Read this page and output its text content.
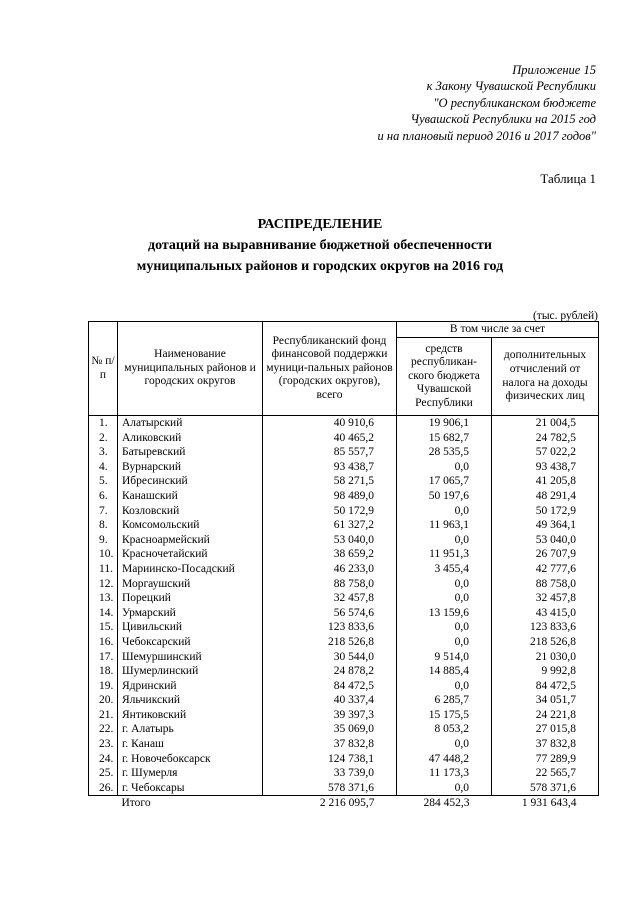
Приложение 15
к Закону Чувашской Республики
"О республиканском бюджете
Чувашской Республики на 2015 год
и на плановый период 2016 и 2017 годов"
Таблица 1
РАСПРЕДЕЛЕНИЕ
дотаций на выравнивание бюджетной обеспеченности
муниципальных районов и городских округов на 2016 год
(тыс. рублей)
№ п/п	Наименование муниципальных районов и городских округов	Республиканский фонд финансовой поддержки муници-пальных районов (городских округов), всего	В том числе за счет	
			средств республикан-ского бюджета Чувашской Республики	дополнительных отчислений от налога на доходы физических лиц
1.	Алатырский	40 910,6	19 906,1	21 004,5
2.	Аликовский	40 465,2	15 682,7	24 782,5
3.	Батыревский	85 557,7	28 535,5	57 022,2
4.	Вурнарский	93 438,7	0,0	93 438,7
5.	Ибресинский	58 271,5	17 065,7	41 205,8
6.	Канашский	98 489,0	50 197,6	48 291,4
7.	Козловский	50 172,9	0,0	50 172,9
8.	Комсомольский	61 327,2	11 963,1	49 364,1
9.	Красноармейский	53 040,0	0,0	53 040,0
10.	Красночетайский	38 659,2	11 951,3	26 707,9
11.	Мариинско-Посадский	46 233,0	3 455,4	42 777,6
12.	Моргаушский	88 758,0	0,0	88 758,0
13.	Порецкий	32 457,8	0,0	32 457,8
14.	Урмарский	56 574,6	13 159,6	43 415,0
15.	Цивильский	123 833,6	0,0	123 833,6
16.	Чебоксарский	218 526,8	0,0	218 526,8
17.	Шемуршинский	30 544,0	9 514,0	21 030,0
18.	Шумерлинский	24 878,2	14 885,4	9 992,8
19.	Ядринский	84 472,5	0,0	84 472,5
20.	Яльчикский	40 337,4	6 285,7	34 051,7
21.	Янтиковский	39 397,3	15 175,5	24 221,8
22.	г. Алатырь	35 069,0	8 053,2	27 015,8
23.	г. Канаш	37 832,8	0,0	37 832,8
24.	г. Новочебоксарск	124 738,1	47 448,2	77 289,9
25.	г. Шумерля	33 739,0	11 173,3	22 565,7
26.	г. Чебоксары	578 371,6	0,0	578 371,6
	Итого	2 216 095,7	284 452,3	1 931 643,4
